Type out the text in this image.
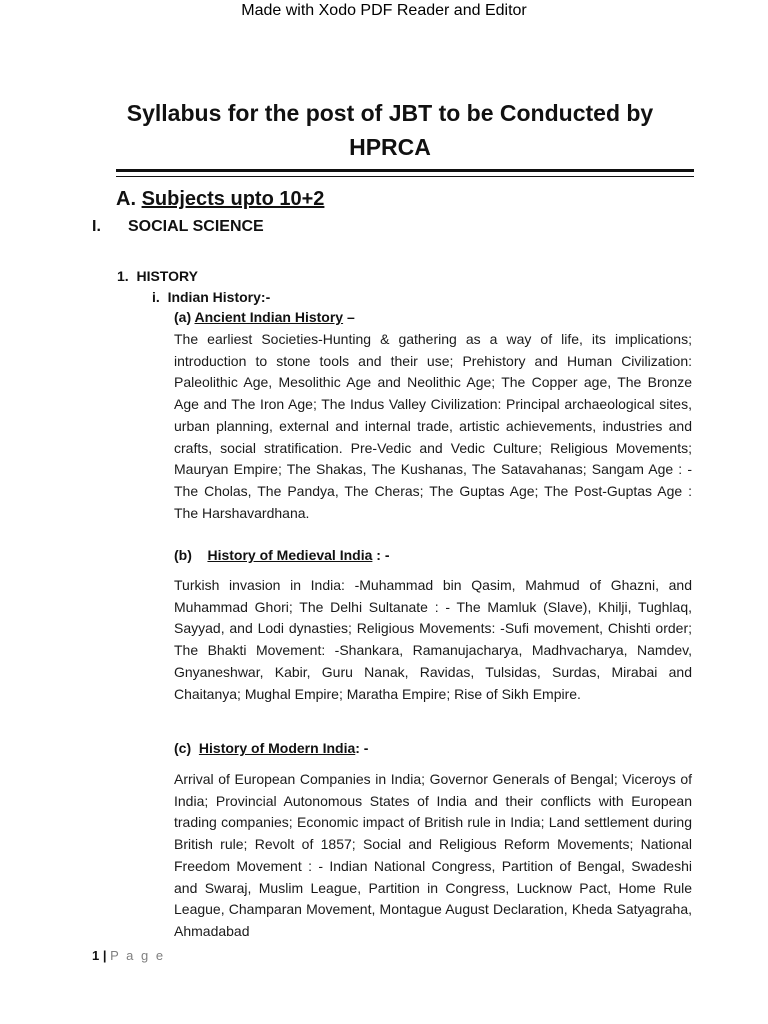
Made with Xodo PDF Reader and Editor
Syllabus for the post of JBT to be Conducted by
HPRCA
A. Subjects upto 10+2
I. SOCIAL SCIENCE
1. HISTORY
i. Indian History:-
(a) Ancient Indian History –
The earliest Societies-Hunting & gathering as a way of life, its implications; introduction to stone tools and their use; Prehistory and Human Civilization: Paleolithic Age, Mesolithic Age and Neolithic Age; The Copper age, The Bronze Age and The Iron Age; The Indus Valley Civilization: Principal archaeological sites, urban planning, external and internal trade, artistic achievements, industries and crafts, social stratification. Pre-Vedic and Vedic Culture; Religious Movements; Mauryan Empire; The Shakas, The Kushanas, The Satavahanas; Sangam Age : - The Cholas, The Pandya, The Cheras; The Guptas Age; The Post-Guptas Age : The Harshavardhana.
(b) History of Medieval India : -
Turkish invasion in India: -Muhammad bin Qasim, Mahmud of Ghazni, and Muhammad Ghori; The Delhi Sultanate : - The Mamluk (Slave), Khilji, Tughlaq, Sayyad, and Lodi dynasties; Religious Movements: -Sufi movement, Chishti order; The Bhakti Movement: -Shankara, Ramanujacharya, Madhvacharya, Namdev, Gnyaneshwar, Kabir, Guru Nanak, Ravidas, Tulsidas, Surdas, Mirabai and Chaitanya; Mughal Empire; Maratha Empire; Rise of Sikh Empire.
(c) History of Modern India: -
Arrival of European Companies in India; Governor Generals of Bengal; Viceroys of India; Provincial Autonomous States of India and their conflicts with European trading companies; Economic impact of British rule in India; Land settlement during British rule; Revolt of 1857; Social and Religious Reform Movements; National Freedom Movement : - Indian National Congress, Partition of Bengal, Swadeshi and Swaraj, Muslim League, Partition in Congress, Lucknow Pact, Home Rule League, Champaran Movement, Montague August Declaration, Kheda Satyagraha, Ahmadabad
1 | P a g e
